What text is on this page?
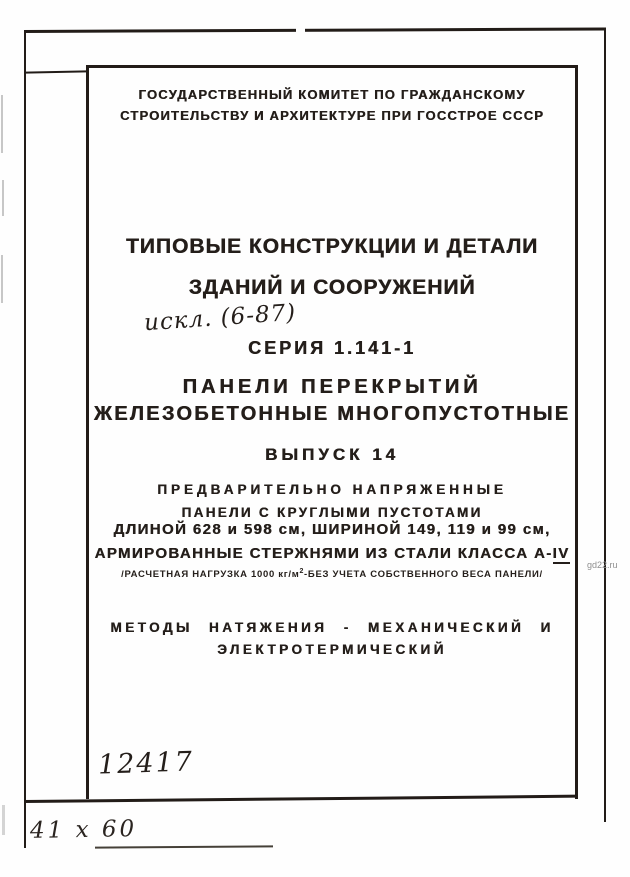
ГОСУДАРСТВЕННЫЙ КОМИТЕТ ПО ГРАЖДАНСКОМУ
СТРОИТЕЛЬСТВУ И АРХИТЕКТУРЕ ПРИ ГОССТРОЕ СССР
ТИПОВЫЕ КОНСТРУКЦИИ И ДЕТАЛИ
ЗДАНИЙ И СООРУЖЕНИЙ
искл. (6-87)
СЕРИЯ 1.141-1
ПАНЕЛИ ПЕРЕКРЫТИЙ
ЖЕЛЕЗОБЕТОННЫЕ МНОГОПУСТОТНЫЕ
ВЫПУСК 14
ПРЕДВАРИТЕЛЬНО НАПРЯЖЕННЫЕ
ПАНЕЛИ С КРУГЛЫМИ ПУСТОТАМИ
ДЛИНОЙ 628 и 598 см, ШИРИНОЙ 149, 119 и 99 см,
АРМИРОВАННЫЕ СТЕРЖНЯМИ ИЗ СТАЛИ КЛАССА А-IV
/РАСЧЕТНАЯ НАГРУЗКА 1000 $кг/м^2$-БЕЗ УЧЕТА СОБСТВЕННОГО ВЕСА ПАНЕЛИ/
МЕТОДЫ НАТЯЖЕНИЯ - МЕХАНИЧЕСКИЙ И
ЭЛЕКТРОТЕРМИЧЕСКИЙ
12417
41 х 60
gd22.ru
